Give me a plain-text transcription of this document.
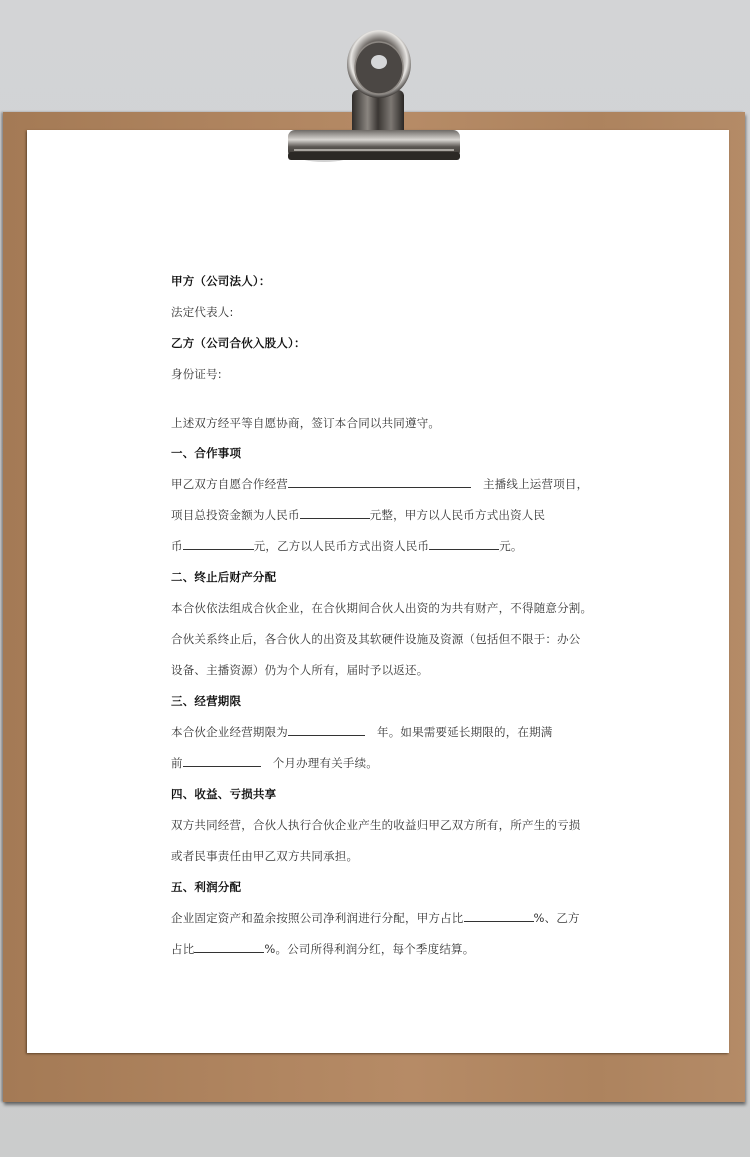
甲方（公司法人）：
法定代表人:
乙方（公司合伙入股人）：
身份证号:
上述双方经平等自愿协商，签订本合同以共同遵守。
一、合作事项
甲乙双方自愿合作经营	主播线上运营项目，
项目总投资金额为人民币	元整，甲方以人民币方式出资人民
币	元，乙方以人民币方式出资人民币	元。
二、终止后财产分配
本合伙依法组成合伙企业，在合伙期间合伙人出资的为共有财产，不得随意分割。
合伙关系终止后，各合伙人的出资及其软硬件设施及资源（包括但不限于：办公
设备、主播资源）仍为个人所有，届时予以返还。
三、经营期限
本合伙企业经营期限为	年。如果需要延长期限的，在期满
前	个月办理有关手续。
四、收益、亏损共享
双方共同经营，合伙人执行合伙企业产生的收益归甲乙双方所有，所产生的亏损
或者民事责任由甲乙双方共同承担。
五、利润分配
企业固定资产和盈余按照公司净利润进行分配，甲方占比	%、乙方
占比	%。公司所得利润分红，每个季度结算。
